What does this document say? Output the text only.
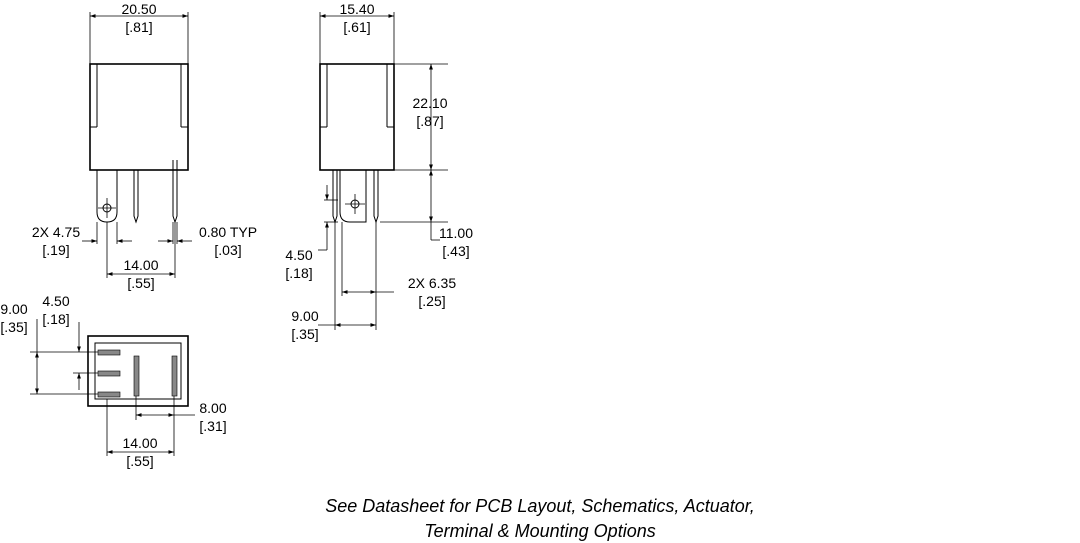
20.50
[.81]
2X 4.75
[.19]
0.80 TYP
[.03]
14.00
[.55]
15.40
[.61]
22.10
[.87]
11.00
[.43]
4.50
[.18]
2X 6.35
[.25]
9.00
[.35]
9.00
[.35]
4.50
[.18]
8.00
[.31]
14.00
[.55]
See Datasheet for PCB Layout, Schematics, Actuator,
Terminal & Mounting Options
